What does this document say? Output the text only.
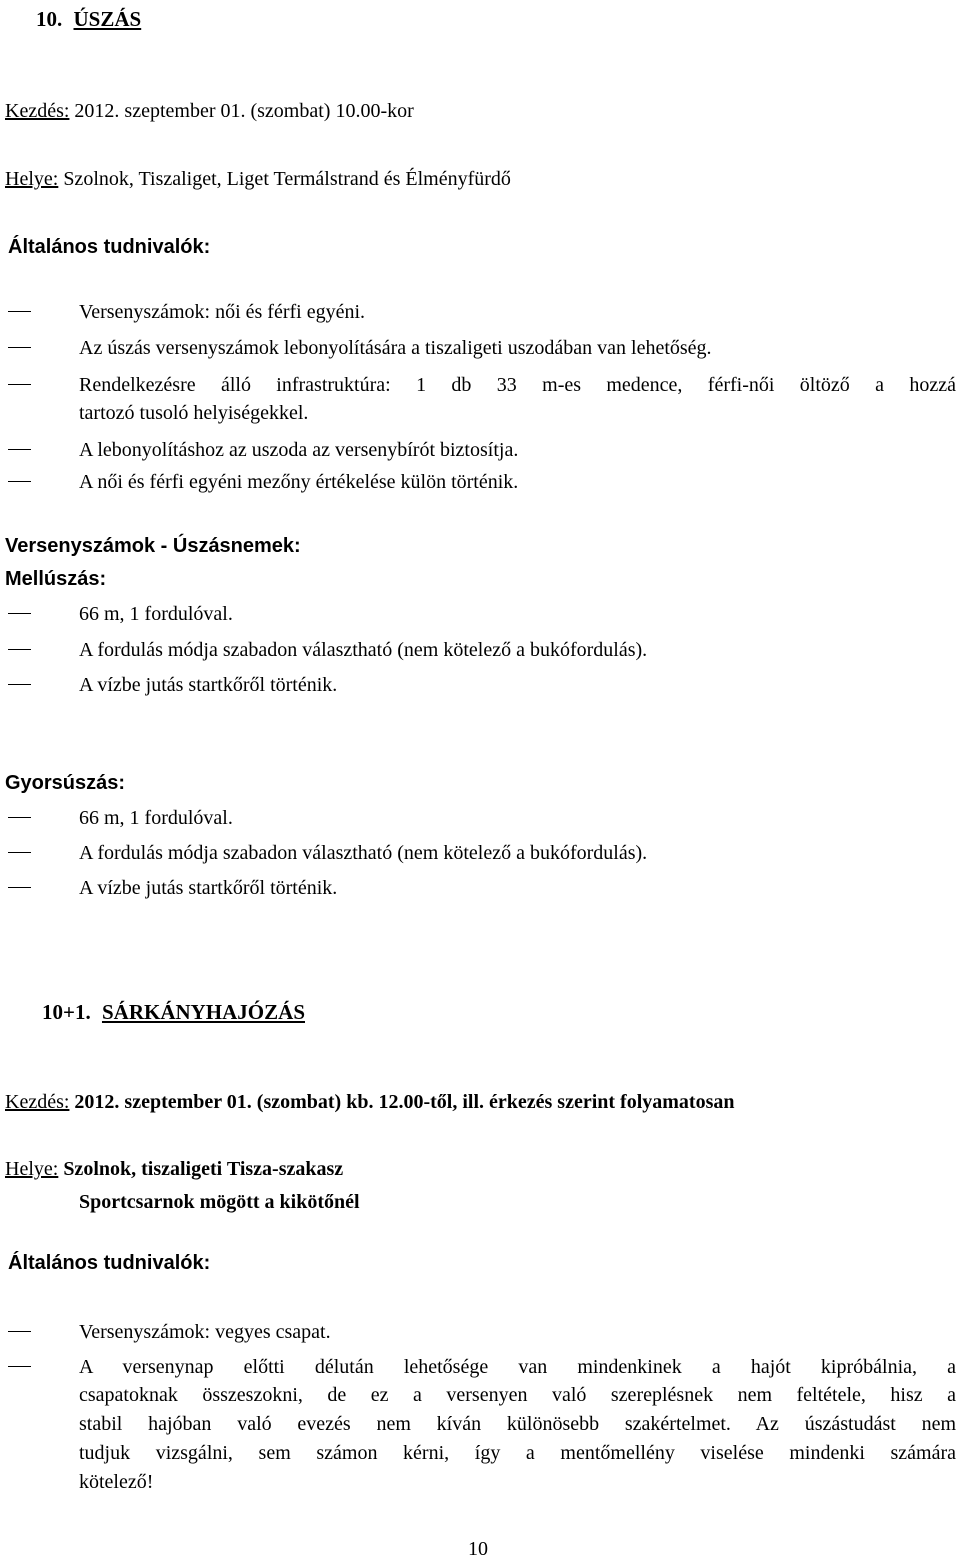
10. ÚSZÁS
Kezdés: 2012. szeptember 01. (szombat) 10.00-kor
Helye: Szolnok, Tiszaliget, Liget Termálstrand és Élményfürdő
Általános tudnivalók:
Versenyszámok: női és férfi egyéni.
Az úszás versenyszámok lebonyolítására a tiszaligeti uszodában van lehetőség.
Rendelkezésre álló infrastruktúra: 1 db 33 m-es medence, férfi-női öltöző a hozzá
tartozó tusoló helyiségekkel.
A lebonyolításhoz az uszoda az versenybírót biztosítja.
A női és férfi egyéni mezőny értékelése külön történik.
Versenyszámok - Úszásnemek:
Mellúszás:
66 m, 1 fordulóval.
A fordulás módja szabadon választható (nem kötelező a bukófordulás).
A vízbe jutás startkőről történik.
Gyorsúszás:
66 m, 1 fordulóval.
A fordulás módja szabadon választható (nem kötelező a bukófordulás).
A vízbe jutás startkőről történik.
10+1. SÁRKÁNYHAJÓZÁS
Kezdés: 2012. szeptember 01. (szombat) kb. 12.00-től, ill. érkezés szerint folyamatosan
Helye: Szolnok, tiszaligeti Tisza-szakasz
Sportcsarnok mögött a kikötőnél
Általános tudnivalók:
Versenyszámok: vegyes csapat.
A versenynap előtti délután lehetősége van mindenkinek a hajót kipróbálnia, a
csapatoknak összeszokni, de ez a versenyen való szereplésnek nem feltétele, hisz a
stabil hajóban való evezés nem kíván különösebb szakértelmet. Az úszástudást nem
tudjuk vizsgálni, sem számon kérni, így a mentőmellény viselése mindenki számára
kötelező!
10
